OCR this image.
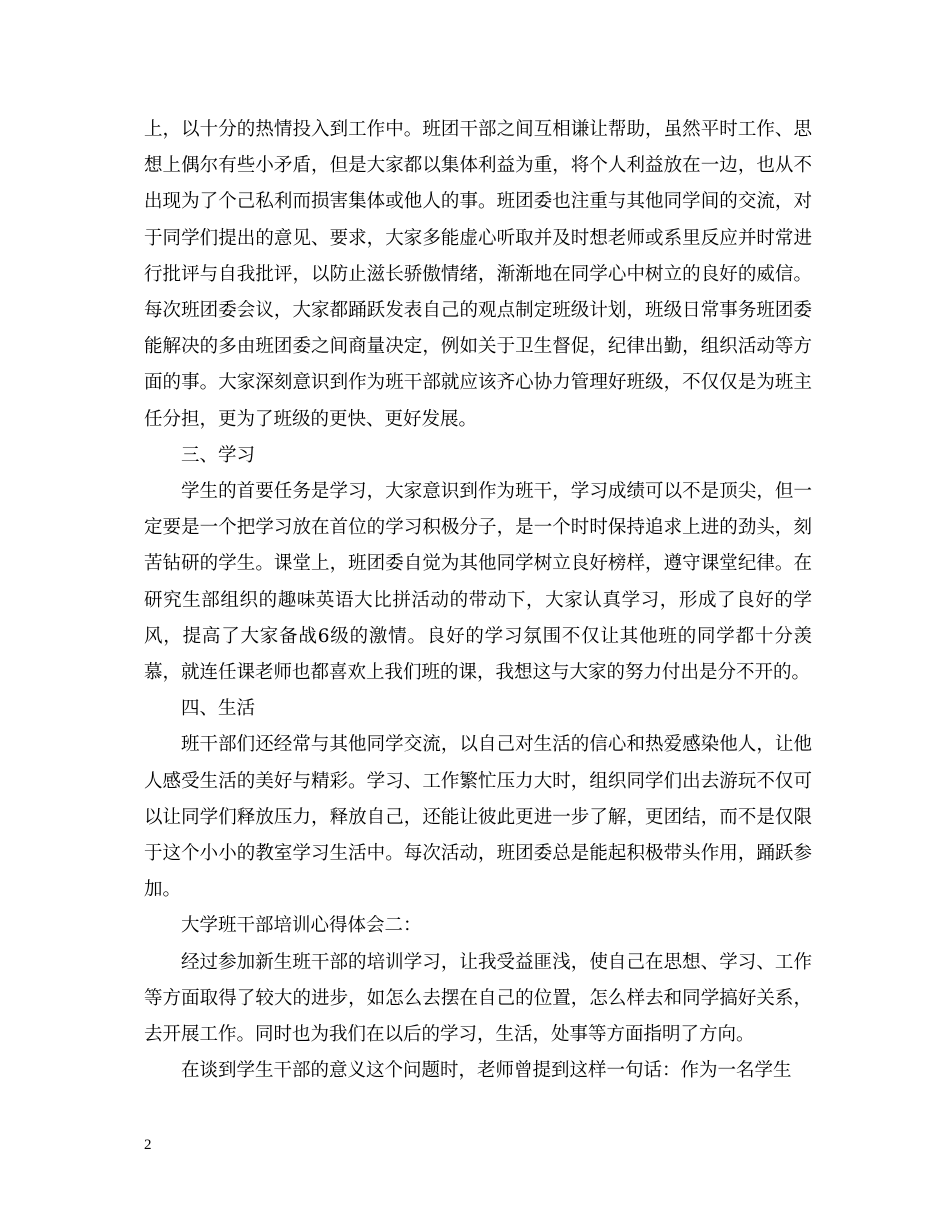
上，以十分的热情投入到工作中。班团干部之间互相谦让帮助，虽然平时工作、思想上偶尔有些小矛盾，但是大家都以集体利益为重，将个人利益放在一边，也从不出现为了个己私利而损害集体或他人的事。班团委也注重与其他同学间的交流，对于同学们提出的意见、要求，大家多能虚心听取并及时想老师或系里反应并时常进行批评与自我批评，以防止滋长骄傲情绪，渐渐地在同学心中树立的良好的威信。每次班团委会议，大家都踊跃发表自己的观点制定班级计划，班级日常事务班团委能解决的多由班团委之间商量决定，例如关于卫生督促，纪律出勤，组织活动等方面的事。大家深刻意识到作为班干部就应该齐心协力管理好班级，不仅仅是为班主任分担，更为了班级的更快、更好发展。

三、学习

学生的首要任务是学习，大家意识到作为班干，学习成绩可以不是顶尖，但一定要是一个把学习放在首位的学习积极分子，是一个时时保持追求上进的劲头，刻苦钻研的学生。课堂上，班团委自觉为其他同学树立良好榜样，遵守课堂纪律。在研究生部组织的趣味英语大比拼活动的带动下，大家认真学习，形成了良好的学风，提高了大家备战6级的激情。良好的学习氛围不仅让其他班的同学都十分羡慕，就连任课老师也都喜欢上我们班的课，我想这与大家的努力付出是分不开的。

四、生活

班干部们还经常与其他同学交流，以自己对生活的信心和热爱感染他人，让他人感受生活的美好与精彩。学习、工作繁忙压力大时，组织同学们出去游玩不仅可以让同学们释放压力，释放自己，还能让彼此更进一步了解，更团结，而不是仅限于这个小小的教室学习生活中。每次活动，班团委总是能起积极带头作用，踊跃参加。

大学班干部培训心得体会二：

经过参加新生班干部的培训学习，让我受益匪浅，使自己在思想、学习、工作等方面取得了较大的进步，如怎么去摆在自己的位置，怎么样去和同学搞好关系，去开展工作。同时也为我们在以后的学习，生活，处事等方面指明了方向。

在谈到学生干部的意义这个问题时，老师曾提到这样一句话：作为一名学生

2
